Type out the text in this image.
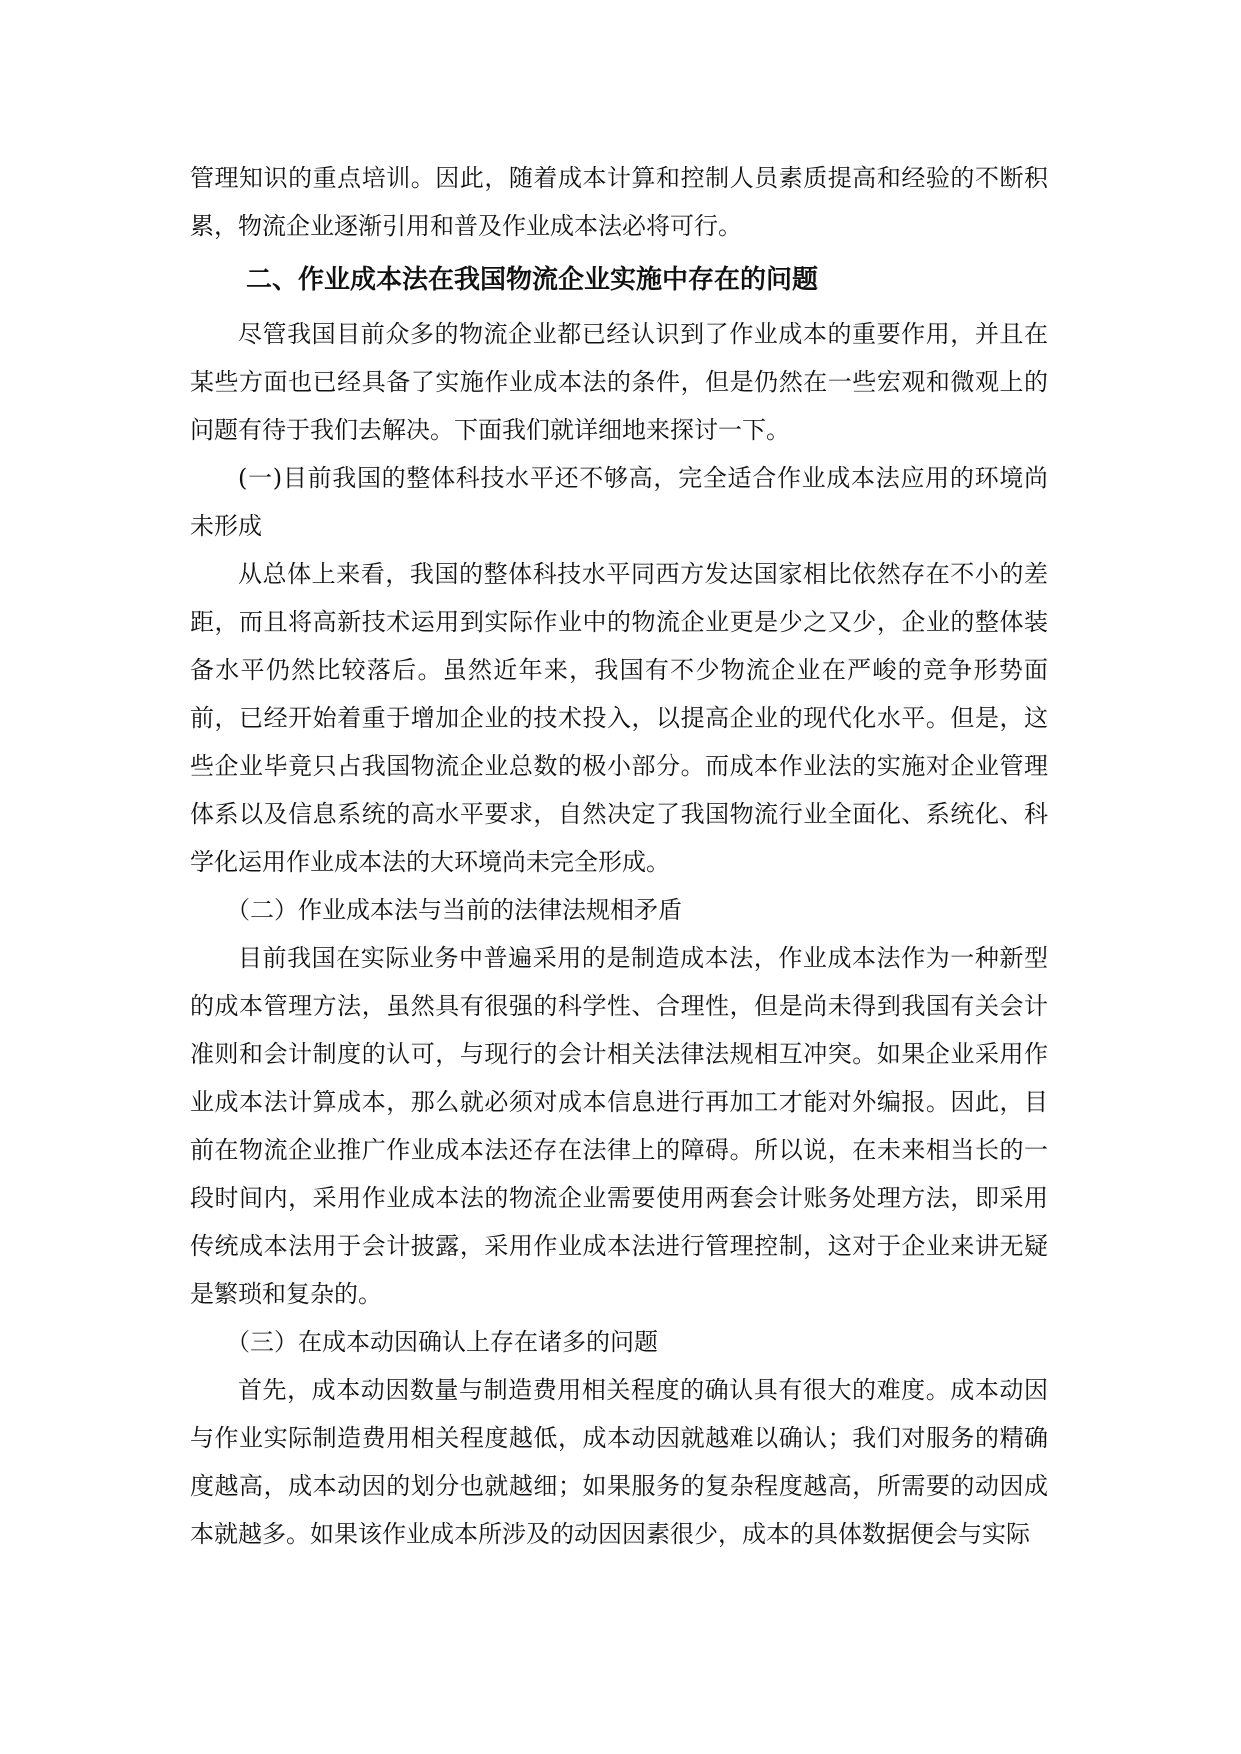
管理知识的重点培训。因此，随着成本计算和控制人员素质提高和经验的不断积累，物流企业逐渐引用和普及作业成本法必将可行。

二、作业成本法在我国物流企业实施中存在的问题

尽管我国目前众多的物流企业都已经认识到了作业成本的重要作用，并且在某些方面也已经具备了实施作业成本法的条件，但是仍然在一些宏观和微观上的问题有待于我们去解决。下面我们就详细地来探讨一下。

(一)目前我国的整体科技水平还不够高，完全适合作业成本法应用的环境尚未形成

从总体上来看，我国的整体科技水平同西方发达国家相比依然存在不小的差距，而且将高新技术运用到实际作业中的物流企业更是少之又少，企业的整体装备水平仍然比较落后。虽然近年来，我国有不少物流企业在严峻的竞争形势面前，已经开始着重于增加企业的技术投入，以提高企业的现代化水平。但是，这些企业毕竟只占我国物流企业总数的极小部分。而成本作业法的实施对企业管理体系以及信息系统的高水平要求，自然决定了我国物流行业全面化、系统化、科学化运用作业成本法的大环境尚未完全形成。

（二）作业成本法与当前的法律法规相矛盾

目前我国在实际业务中普遍采用的是制造成本法，作业成本法作为一种新型的成本管理方法，虽然具有很强的科学性、合理性，但是尚未得到我国有关会计准则和会计制度的认可，与现行的会计相关法律法规相互冲突。如果企业采用作业成本法计算成本，那么就必须对成本信息进行再加工才能对外编报。因此，目前在物流企业推广作业成本法还存在法律上的障碍。所以说，在未来相当长的一段时间内，采用作业成本法的物流企业需要使用两套会计账务处理方法，即采用传统成本法用于会计披露，采用作业成本法进行管理控制，这对于企业来讲无疑是繁琐和复杂的。

（三）在成本动因确认上存在诸多的问题

首先，成本动因数量与制造费用相关程度的确认具有很大的难度。成本动因与作业实际制造费用相关程度越低，成本动因就越难以确认；我们对服务的精确度越高，成本动因的划分也就越细；如果服务的复杂程度越高，所需要的动因成本就越多。如果该作业成本所涉及的动因因素很少，成本的具体数据便会与实际
